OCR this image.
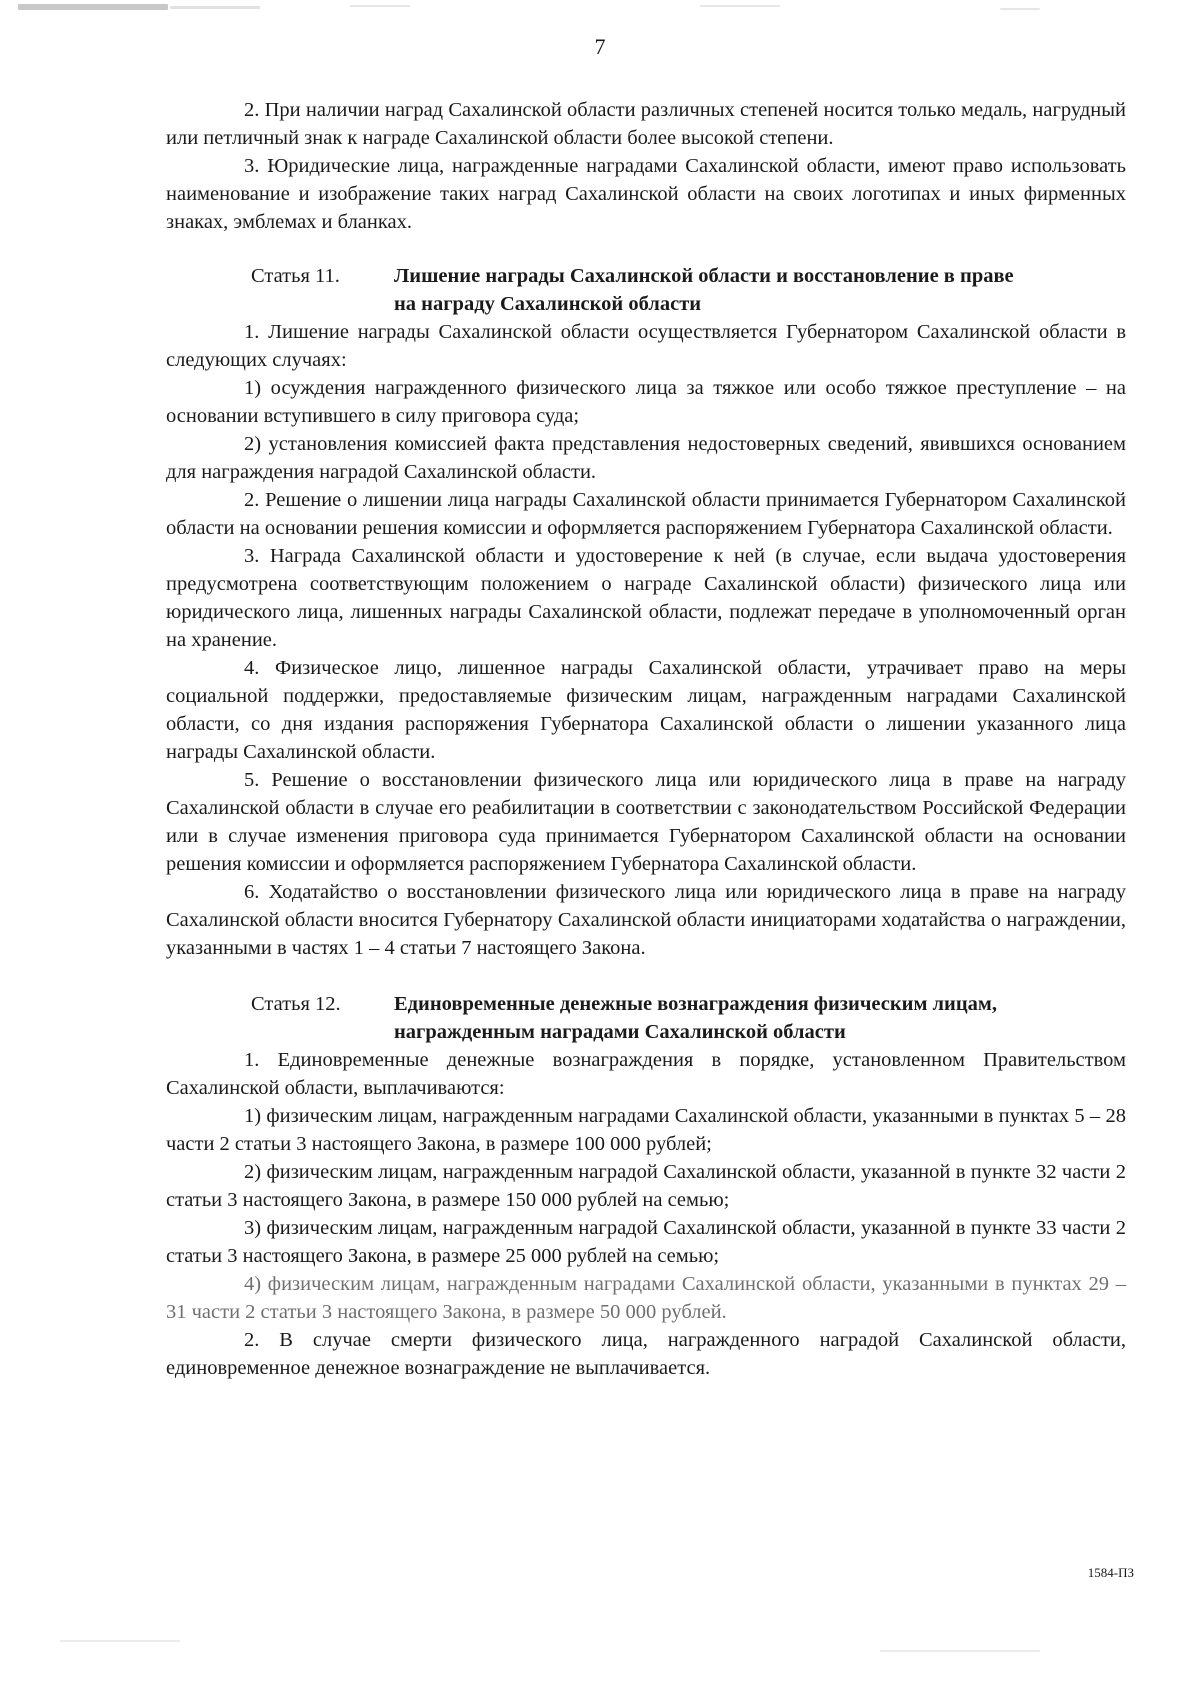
7

2. При наличии наград Сахалинской области различных степеней носится только медаль, нагрудный или петличный знак к награде Сахалинской области более высокой степени.

3. Юридические лица, награжденные наградами Сахалинской области, имеют право использовать наименование и изображение таких наград Сахалинской области на своих логотипах и иных фирменных знаках, эмблемах и бланках.

Статья 11.	Лишение награды Сахалинской области и восстановление в праве
на награду Сахалинской области

1. Лишение награды Сахалинской области осуществляется Губернатором Сахалинской области в следующих случаях:

1) осуждения награжденного физического лица за тяжкое или особо тяжкое преступление – на основании вступившего в силу приговора суда;

2) установления комиссией факта представления недостоверных сведений, явившихся основанием для награждения наградой Сахалинской области.

2. Решение о лишении лица награды Сахалинской области принимается Губернатором Сахалинской области на основании решения комиссии и оформляется распоряжением Губернатора Сахалинской области.

3. Награда Сахалинской области и удостоверение к ней (в случае, если выдача удостоверения предусмотрена соответствующим положением о награде Сахалинской области) физического лица или юридического лица, лишенных награды Сахалинской области, подлежат передаче в уполномоченный орган на хранение.

4. Физическое лицо, лишенное награды Сахалинской области, утрачивает право на меры социальной поддержки, предоставляемые физическим лицам, награжденным наградами Сахалинской области, со дня издания распоряжения Губернатора Сахалинской области о лишении указанного лица награды Сахалинской области.

5. Решение о восстановлении физического лица или юридического лица в праве на награду Сахалинской области в случае его реабилитации в соответствии с законодательством Российской Федерации или в случае изменения приговора суда принимается Губернатором Сахалинской области на основании решения комиссии и оформляется распоряжением Губернатора Сахалинской области.

6. Ходатайство о восстановлении физического лица или юридического лица в праве на награду Сахалинской области вносится Губернатору Сахалинской области инициаторами ходатайства о награждении, указанными в частях 1 – 4 статьи 7 настоящего Закона.

Статья 12.	Единовременные денежные вознаграждения физическим лицам,
награжденным наградами Сахалинской области

1. Единовременные денежные вознаграждения в порядке, установленном Правительством Сахалинской области, выплачиваются:

1) физическим лицам, награжденным наградами Сахалинской области, указанными в пунктах 5 – 28 части 2 статьи 3 настоящего Закона, в размере 100 000 рублей;

2) физическим лицам, награжденным наградой Сахалинской области, указанной в пункте 32 части 2 статьи 3 настоящего Закона, в размере 150 000 рублей на семью;

3) физическим лицам, награжденным наградой Сахалинской области, указанной в пункте 33 части 2 статьи 3 настоящего Закона, в размере 25 000 рублей на семью;

4) физическим лицам, награжденным наградами Сахалинской области, указанными в пунктах 29 – 31 части 2 статьи 3 настоящего Закона, в размере 50 000 рублей.

2. В случае смерти физического лица, награжденного наградой Сахалинской области, единовременное денежное вознаграждение не выплачивается.

1584-ПЗ
